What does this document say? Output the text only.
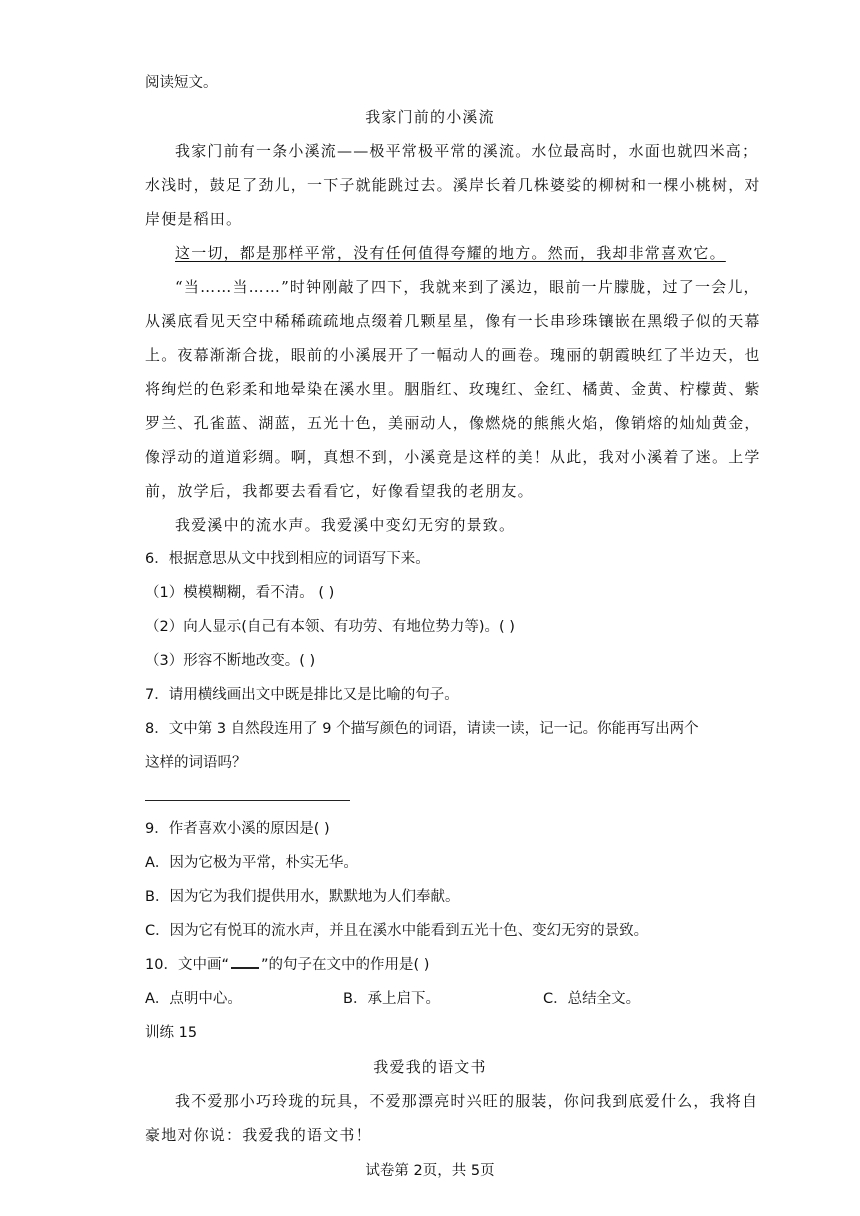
阅读短文。
我家门前的小溪流
我家门前有一条小溪流——极平常极平常的溪流。水位最高时，水面也就四米高；
水浅时，鼓足了劲儿，一下子就能跳过去。溪岸长着几株婆娑的柳树和一棵小桃树，对
岸便是稻田。
这一切，都是那样平常，没有任何值得夸耀的地方。然而，我却非常喜欢它。
“当……当……”时钟刚敲了四下，我就来到了溪边，眼前一片朦胧，过了一会儿，
从溪底看见天空中稀稀疏疏地点缀着几颗星星，像有一长串珍珠镶嵌在黑缎子似的天幕
上。夜幕渐渐合拢，眼前的小溪展开了一幅动人的画卷。瑰丽的朝霞映红了半边天，也
将绚烂的色彩柔和地晕染在溪水里。胭脂红、玫瑰红、金红、橘黄、金黄、柠檬黄、紫
罗兰、孔雀蓝、湖蓝，五光十色，美丽动人，像燃烧的熊熊火焰，像销熔的灿灿黄金，
像浮动的道道彩绸。啊，真想不到，小溪竟是这样的美！从此，我对小溪着了迷。上学
前，放学后，我都要去看看它，好像看望我的老朋友。
我爱溪中的流水声。我爱溪中变幻无穷的景致。
6．根据意思从文中找到相应的词语写下来。
（1）模模糊糊，看不清。 ( )
（2）向人显示(自己有本领、有功劳、有地位势力等)。( )
（3）形容不断地改变。( )
7．请用横线画出文中既是排比又是比喻的句子。
8．文中第 3 自然段连用了 9 个描写颜色的词语，请读一读，记一记。你能再写出两个
这样的词语吗？
9．作者喜欢小溪的原因是( )
A．因为它极为平常，朴实无华。
B．因为它为我们提供用水，默默地为人们奉献。
C．因为它有悦耳的流水声，并且在溪水中能看到五光十色、变幻无穷的景致。
10．文中画“ ”的句子在文中的作用是( )
A．点明中心。	B．承上启下。	C．总结全文。
训练 15
我爱我的语文书
我不爱那小巧玲珑的玩具，不爱那漂亮时兴旺的服装，你问我到底爱什么，我将自
豪地对你说：我爱我的语文书！
试卷第 2页，共 5页
